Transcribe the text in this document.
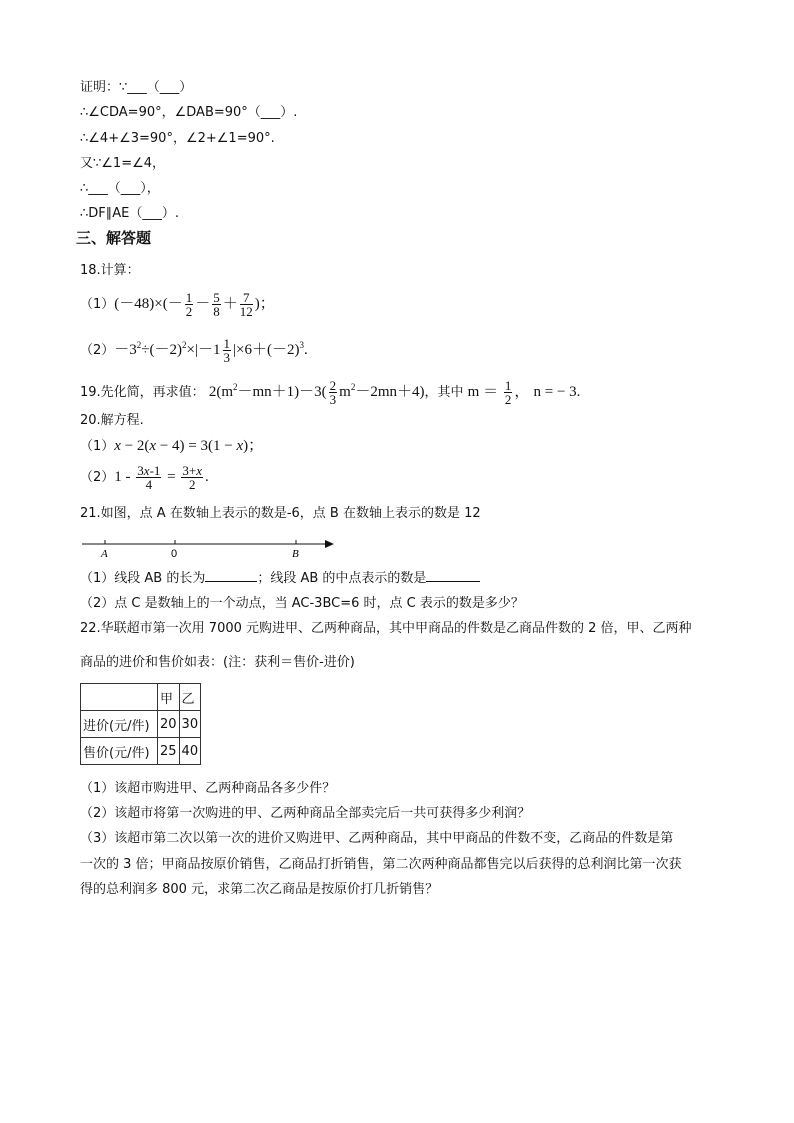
证明：∵___（___）
∴∠CDA=90°，∠DAB=90°（___）.
∴∠4+∠3=90°，∠2+∠1=90°.
又∵∠1=∠4，
∴___（___），
∴DF∥AE（___）.
三、解答题
18.计算：
$(1)(-48)\times(- \frac{1}{2} - \frac{5}{8} + \frac{7}{12}$ )；
$(2)-3^2\div(-2)^2\times|-1 \frac{1}{3} |\times 6+(-2)^3$.
19.先化简，再求值： $2(m^2-mn+1)-3( \frac{2}{3} m^2-2mn+4)$，其中 $m = \frac{1}{2}$ ， n = − 3.
20.解方程.
（1）x − 2(x − 4) = 3(1 − x)；
$(2)1 - \frac{3x-1}{4} = \frac{3+x}{2}$ .
21.如图，点 A 在数轴上表示的数是-6，点 B 在数轴上表示的数是 12
A	0	B
（1）线段 AB 的长为	；线段 AB 的中点表示的数是
（2）点 C 是数轴上的一个动点，当 AC-3BC=6 时，点 C 表示的数是多少？
22.华联超市第一次用 7000 元购进甲、乙两种商品，其中甲商品的件数是乙商品件数的 2 倍，甲、乙两种
商品的进价和售价如表：(注：获利＝售价-进价)
	甲	乙
进价(元/件)	20	30
售价(元/件)	25	40
（1）该超市购进甲、乙两种商品各多少件？
（2）该超市将第一次购进的甲、乙两种商品全部卖完后一共可获得多少利润？
（3）该超市第二次以第一次的进价又购进甲、乙两种商品，其中甲商品的件数不变，乙商品的件数是第
一次的 3 倍；甲商品按原价销售，乙商品打折销售，第二次两种商品都售完以后获得的总利润比第一次获
得的总利润多 800 元，求第二次乙商品是按原价打几折销售？
